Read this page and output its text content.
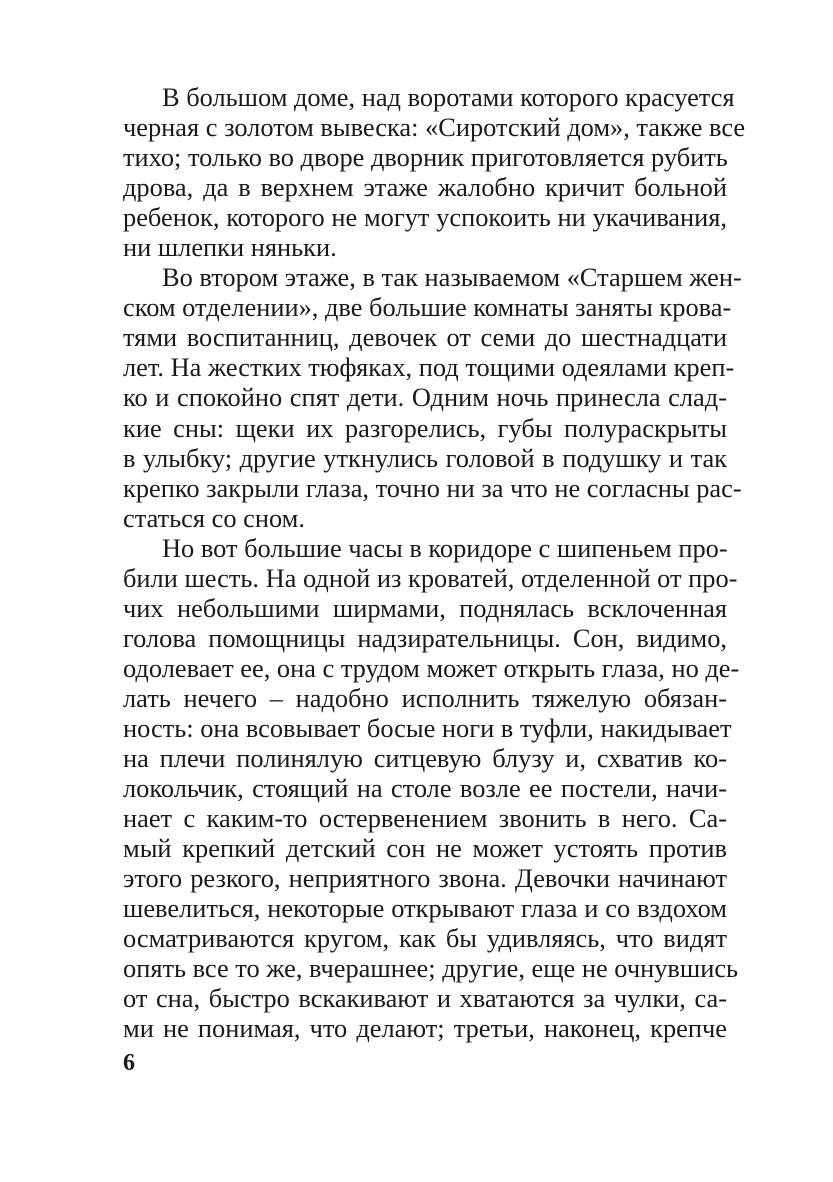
В большом доме, над воротами которого красуется
черная с золотом вывеска: «Сиротский дом», также все
тихо; только во дворе дворник приготовляется рубить
дрова, да в верхнем этаже жалобно кричит больной
ребенок, которого не могут успокоить ни укачивания,
ни шлепки няньки.
Во втором этаже, в так называемом «Старшем жен-
ском отделении», две большие комнаты заняты крова-
тями воспитанниц, девочек от семи до шестнадцати
лет. На жестких тюфяках, под тощими одеялами креп-
ко и спокойно спят дети. Одним ночь принесла слад-
кие сны: щеки их разгорелись, губы полураскрыты
в улыбку; другие уткнулись головой в подушку и так
крепко закрыли глаза, точно ни за что не согласны рас-
статься со сном.
Но вот большие часы в коридоре с шипеньем про-
били шесть. На одной из кроватей, отделенной от про-
чих небольшими ширмами, поднялась всклоченная
голова помощницы надзирательницы. Сон, видимо,
одолевает ее, она с трудом может открыть глаза, но де-
лать нечего – надобно исполнить тяжелую обязан-
ность: она всовывает босые ноги в туфли, накидывает
на плечи полинялую ситцевую блузу и, схватив ко-
локольчик, стоящий на столе возле ее постели, начи-
нает с каким-то остервенением звонить в него. Са-
мый крепкий детский сон не может устоять против
этого резкого, неприятного звона. Девочки начинают
шевелиться, некоторые открывают глаза и со вздохом
осматриваются кругом, как бы удивляясь, что видят
опять все то же, вчерашнее; другие, еще не очнувшись
от сна, быстро вскакивают и хватаются за чулки, са-
ми не понимая, что делают; третьи, наконец, крепче
6
